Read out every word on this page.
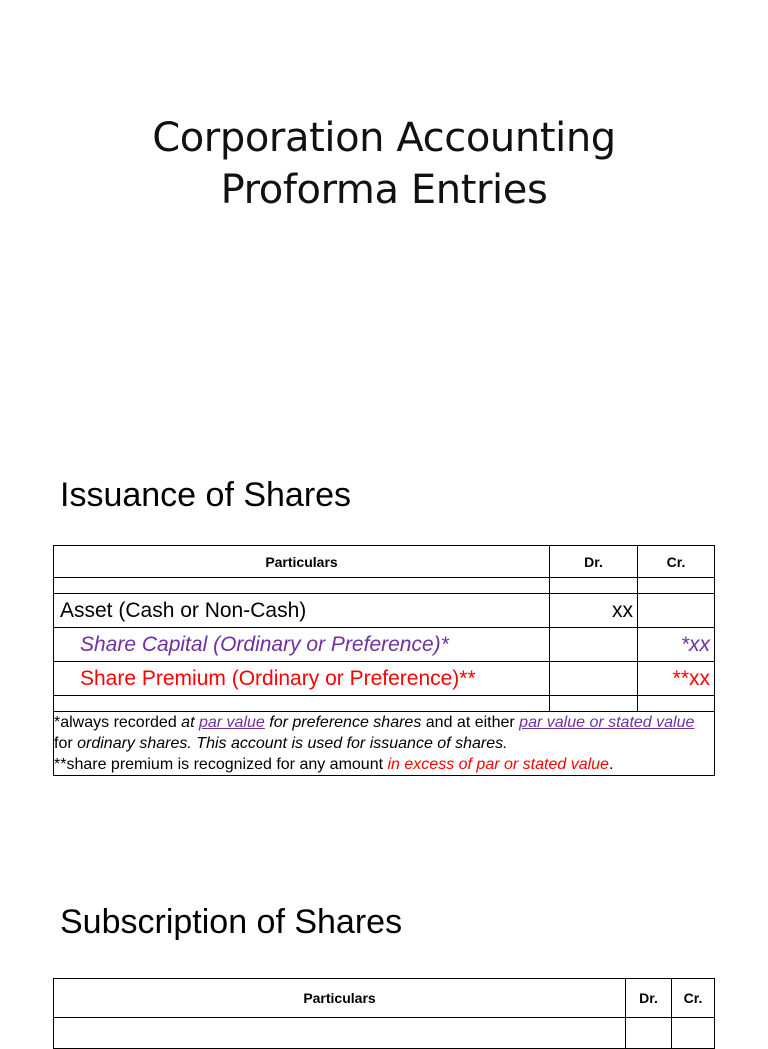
Corporation Accounting
Proforma Entries
Issuance of Shares
Particulars	Dr.	Cr.

Asset (Cash or Non-Cash)	xx	
Share Capital (Ordinary or Preference)*		*xx
Share Premium (Ordinary or Preference)**		**xx

*always recorded at par value for preference shares and at either par value or stated value for ordinary shares. This account is used for issuance of shares.
**share premium is recognized for any amount in excess of par or stated value.		
Subscription of Shares
Particulars	Dr.	Cr.
